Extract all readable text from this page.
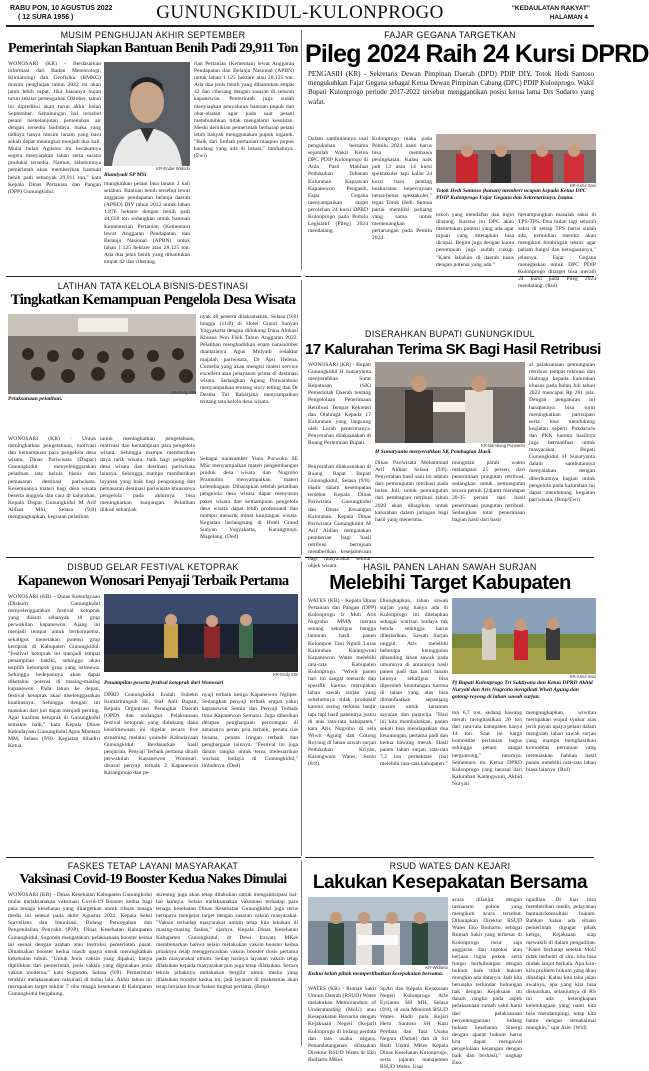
RABU PON, 10 AGUSTUS 2022
( 12 SURA 1956 )	GUNUNGKIDUL-KULONPROGO	"KEDAULATAN RAKYAT"
HALAMAN 4
MUSIM PENGHUJAN AKHIR SEPTEMBER
Pemerintah Siapkan Bantuan Benih Padi 29,911 Ton
WONOSARI (KR) - Berdasarkan informasi dari Badan Meteorologi, Klimatologi dan Geofisika (BMKG) musim penghujan tahun 2022 ini akan jatuh lebih cepat. Jika biasanya hujan turun sekitar pertengahan Oktober, tahun ini diprediksi akan turun akhir bulan September. Sehubungan hal tersebut petani berkelanjutan pemenuhan air dengan tersedia budidaya, maka yang tadinya hanya musim tanam yang baru sekali dapat meningkat menjadi dua kali. Mulai bulan Agustus ini kecakatnya segera menyiapkan lahan serta sarana produksi tersedia. Namun, sebelumnya pemerintah akan memberikan bantuan benih padi sebanyak 29,911 ton," kata Kepala Dinas Pertanian dan Pangan (DPP) Gunungkidul.
KR-Endar Widodo
Riamiyadi SP MSi
mungkinkan petani bisa tanam 2 kali setahun. Bantuan benih tersebut lewat anggaran pendapatan belanja daerah (APBD) DIY tahun 2022 untuk lahan 1.876 hektare dengan benih padi 44,650 ton sedangkan untuk bantuan Kementerian Pertanian (Kementan) lewat Anggaran Pendapatan dan Belanja Nasional (APBN) untuk lahan 1.125 hektare atau 28,125 ton. Ada dua jenis benih yang dibantukan empat 42 dan ciherang.
rian Pertanian (Kementan) lewat Anggaran Pendapatan dan Belanja Nasional (APBN) untuk lahan 1.125 hektare atau 28,125 ton. Ada dua jenis benih yang dibantukan empat 42 dan ciherang dengan sasaran di seluruh kapanewon. Pemerintah juga sudah menyiapkan penyaluran bantuan pupuk dan obat-obatan agar pada saat petani membutuhkan tidak mengalami kesulitan. Meski demikian pemerintah berharap petani lebih banyak menggunakan pupuk organik. "Baik dari limbah pertanian maupun pupuk kandang yang ada di lokasi," tambahnya. (Ewi)
FAJAR GEGANA TARGETKAN
Pileg 2024 Raih 24 Kursi DPRD
PENGASIH (KR) - Sekretaris Dewan Pimpinan Daerah (DPD) PDIP DIY, Totok Hedi Santoso mengukuhkan Fajar Gegana sebagai Ketua Dewan Pimpinan Cabang (DPC) PDIP Kulonprogo. Wakil Bupati Kulonprogo periode 2017-2022 tersebut menggantikan posisi ketua lama Drs Sudarto yang wafat.
Dalam sambutannya usai pengukuhan bersama sejumlah Wakil Ketua DPC PDIP Kulonprogo di Aula Pasti Manfaat Pedukuhan Tebanan Kalurahan Kaprawan Kapanewon Pengasih, Fajar Gegana menyampaikan target perolehan 24 kursi DPRD Kulonprogo pada Pemilu Legislatif (Pileg) 2024 mendatang.
Kulonprogo maka pada Pemilu 2024 nanti harus bisa membawa peningkatan. Kalau naik jadi 13 atau 14 kursi spektakuler tapi kalau 24 kursi baru penting keakuratan kepercayaan benar-benar spektakuler," tegas Totok Hedi. Semua partai memiliki peluang yang sama untuk memenangkan pertarungan pada Pemilu 2024.
KR-Asrul Sani
Totok Hedi Santoso (kanan) memberi ucapan kepada Ketua DPC PDIP Kulonprogo Fajar Gegana dan Sekretarisnya, Istana.
tokoh yang mendaftar dan ingin diusung. Karena itu DPC akan memetakan potensi yang ada agar tujuan yang ditetapkan bisa dicapai. Begitu juga dengan kuota perempuan juga sudah cukup. "Kami lakukan di daerah basis dengan potensi yang ada."
merampungkan masalah saksi di TPS-TPS. Dua bulan lagi seluruh saksi di setiap TPS harus sudah ada, kemudian mereka akan mengikuti bimbingan teknis agar paham fungsi dan ketugasannya," jelasnya. Fajar Gegana menegaskan untuk DPC PDIP Kulonprogo ditarget bisa meraih 24 kursi pada Pileg 2024 mendatang. (Rul)
LATIHAN TATA KELOLA BISNIS-DESTINASI
Tingkatkan Kemampuan Pengelola Desa Wisata
Pelaksanaan pelatihan.
KR-Dedy EW
WONOSARI (KR) - Untuk meningkatkan pengetahuan, motivasi dan kemampuan para pengelola desa wisata, Dinas Pariwisata (Dispar) Gunungkidul menyelenggarakan pelatihan tata kelola bisnis dan pemasaran destinasi pariwisata. Kesemuanya materi bagi desa wisata beserta anggota dan cara di kalurahan. Kepala Dispar Gunungkidul M Arif Aldian MSi, Selasa (9/8) mengungkapkan, kegiatan pelatihan
untuk meningkatkan pengetahuan, motivasi dan kemampuan para pengelola wisata. Sehingga mampu memberikan daya tarik wisata, baik bagi pengelola desa wisata dan destinasi pariwisata lainnya. Sehingga mampu memberikan layanan yang baik bagi pengunjung dan pemasaran destinasi pariwisata khususnya pengelola pada akhirnya bisa meningkatkan kunjungan. Pelatihan diikuti sebanyak
nyak 40 peserta dilaksanakan, Selasa (9/8) hingga (11/8) di Hotel Grand Sunyan Yogyakarta dengan didukung Dana Alokasi Khusus Non Fisik Tahun Anggaran 2022. Pelatihan menghadirkan enam narasumber diantaranya Agus Mulyadi redaktur majalah pariwisata, Dr Apu Helena, Cornelia yang akan mengisi materi service excellent atau pelayanan prima di destinasi wisata. Sedangkan Agung Purwandono menyampaikan tentang story telling dan Dr Destha Titi Raharjana menyampaikan tentang tata kelola desa wisata.
Sebagai narasumber Yuno Purwoko SE MSc menyampaikan materi pengembangan produk desa wisata dan Nugroho Pramudito menyampaikan materi kelembagaan. Diharapkan setelah pelatihan pengelola desa wisata dapat menyusun paket wisata dan kemampuan pengelola desa wisata dapat lebih profesional dan mampu menarik minat kunjungan wisata. Kegiatan berlangsung di Hotel Grand Sunyan Yogyakarta, Karangmojo, Magelang. (Ded)
DISERAHKAN BUPATI GUNUNGKIDUL
17 Kalurahan Terima SK Bagi Hasil Retribusi
WONOSARI (KR) - Bupati Gunungkidul H Sunaryanta menyerahkan Surat Keputusan (SK) Pemerintah Daerah tentang Pengelolaan Penerimaan Retribusi Tempat Rekreasi dan Olahraga Kepada 17 Kalurahan yang langsung oleh Lurah penerimanya. Penyerahan dilaksanakan di Ruang Pertemuan Bupati.
Penyerahan dilaksanakan di Ruang Rapat Bupati Gunungkidul, Selasa (9/8). Hadir dalam kesempatan tersebut Kepala Dinas Pariwisata Gunungkidul dan Dinas Keuangan Kalurahan. Kepala Dinas Pariwisata Gunungkidul M Arif Aldian mengatakan pemberian bagi hasil retribusi bertujuan memberikan kesejahteraan bagi masyarakat sekitar objek wisata.
KR-Bambang Purwanto
H Sunaryanta menyerahkan SK Pembagian Hasil.
Dinas Pariwisata Mohammad Arif Aldian Selasa (9/8). Penyerahan hasil sani ini adalah dari pemungutan retribusi pada bulan Juli, untuk pemungutan dari pembagian retribusi tahun 2020 akan dibagikan untuk kalurahan dalam jaringan bagi hasil yang menerima.
mungutan parah waktu melampaui 25 persen, dari penerimaan pungutan retribusi, sedangkan untuk pemungutan secara penuh (24jam) mendapat 20-35 persen dari hasil penerimaan pungutan retribusi. Sedangkan total penerimaan bagian hasil dari hasil
al pelaksanaan pemungutan retribusi tempat rekreasi dan olahraga kepada kalurahan khusus pada bulan Juli tahun 2022 mencapai Rp 261 juta. Dengan pengaturan ini harapannya bisa turut meningkatkan partisipasi serta bisa mendukung kegiatan seperti Pokdarwis dan PKK karena hasilnya juga bermanfaat untuk masyarakat. Bupati Gunungkidul H Sunaryanta dalam sambutannya menyatakan dengan diberikannya bagian untuk pengelola pada kalurahan ini dapat mendukung kegiatan pariwisata. (Bmp/Ewi)
DISBUD GELAR FESTIVAL KETOPRAK
Kapanewon Wonosari Penyaji Terbaik Pertama
WONOSARI (KR) - Dinas Kebudayaan (Disbud) Gunungkidul menyelenggarakan festival ketoprak yang diikuti sebanyak 18 grup perwakilan kapanewon. Ajang ini menjadi tempat untuk berkompetisi, sekaligus menetakan potensi grup ketoprak di Kabupaten Gunungkidul. "Festival ketoprak ini menjadi tempat penampilan hakiki, sehingga akan terpilih kelompok grup yang istimewa. Sehingga kedepannya akan dapat diketahui potensi di masing-masing kapanewon. Pada tahun ke depan, festival ketoprak akan diselenggarakan kualitasnya. Sehingga dengan ini masukan dari juri dapat menjadi penting. Agar kualitas ketoprak di Gunungkidul semakin baik," kata Kepala Dinas Kebudayaan Gunungkidul Agus Mantara MM, Selasa (9/8). Kegiatan dihadiri Ketua
KR-Dedy EW
Penampilan peserta festival ketoprak dari Wonosari
DPRD Gunungkidul Endah Subekti Kuntariningsih SE, Staf Ahli Bupati, Kepala Organisasi Perangkat Daerah (OPD) dan undangan. Pelaksanaan festival ketoprak yang didukung dana keistimewaan ini digelar secara live streaming melalui youtube Kabudayaan Gunungkidul. Berdasarkan hasil penjurian, Penyaji Terbaik pertama diraih perwakilan Kapanewon Wonosari, disusul penyaji terbaik 2 Kapanewon Karangmojo dan pe-
nyaji terbaik ketiga Kapanewon Ngliper. Sedangkan penyaji terbaik empat yakni kapanewon Semin dan Penyaji Terbaik lima Kapanewon Semanu. Juga diberikan delapan penghargaan perorangan di antaranya peran pria terbaik, penata rias busana, penata iringan terbaik dan penghargaan lainnya. "Festival ini juga dalam rangka untuk terus melestarikan warisan budaya di Gunungkidul," imbuhnya. (Ded)
HASIL PANEN LAHAN SAWAH SURJAN
Melebihi Target Kabupaten
WATES (KR) - Kepala Dinas Pertanian dan Pangan (DPP) Kulonprogo Ir Muh Aris Nugroho MMA merasa senang sekaligus bangga lantaran hasil panen Kelompok Tani Ngudi Luras Kalurahan Karangwuni Kapanewon Wates melebihi rata-rata Kabupaten Kulonprogo. "Wiwit panen hari ini sangat menarik dan spesifik karena merupakan lahan sawah surjan yang sebelumnya tidak produktif karena sering terkena banjir tapi tapi hasil panennya justru di atas rata-rata kabupaten," kata Aris Nugroho di sela Wiwit Agung dan Gotong Royong di lahan sawah surjan Pedukuhan Kriyan, Karangwuni Wates, Senin (8/8).
Diungkapkan, lahan sawah surjan yang hanya ada di Kulonprogo itu ditetapkan sebagai warisan budaya tak benda sehingga harus dilestarikan. Sawah Surjan unggul Aris melebihi beberapa keunggulan dibanding lahan sawah pada umumnya di antaranya hasil panen padi dan hasil tanam lainnya sekaligus bisa diperoleh keuntungan karena di lahan yang atas bisa dimanfaatkan sepanjang musim untuk tanaman sayuran dan palawija. "Hari ini kita membuktikan, panen sekali bisa mendapatkan dua keuntungan, pertama padi dan kedua bawang merah. Hasil panen lahan surjan rata-rata 7,2 ton perhektare (ha) melebihi rata-rata kabupaten."
KR-Asrul Sani
Pj Bupati Kulonprogo Tri Saktiyana dan Ketua DPRD Akhid Nuryati dan Aris Nugroho mengikuti Wiwit Agung dan gotong-royong di lahan sawah surjan.
ton 6,7 ton, sedang bawang merah menghasilkan 20 ton dari rata-rata kabupaten hanya 14 ton. Saat ini harga komoditas pertanian bagus sehingga petani sangat berguntung," tuturnya. Sementara itu Ketua DPRD Kulonprogo yang berasal dari Kalurahan Karangwuni, Akhid Nuryati
mengungkapkan, wiwitan merupakan wujud syukur atas jerih payah upaya petani dalam mengolah lahan sawah surjan yang mampu menghasilkan komoditas pertanian yang memuaskan bahkan hasil panen melebihi rata-rata lahan biasa lainnya. (Rul)
FASKES TETAP LAYANI MASYARAKAT
Vaksinasi Covid-19 Booster Kedua Nakes Dimulai
WONOSARI (KR) - Dinas Kesehatan Kabupaten Gunungkidul mulai melaksanakan vaksinasi Covid-19 Booster kedua bagi para tenaga kesehatan yang ditargetkan untuk ribuan tenaga medis ini selesai pada akhir Agustus 2022. Kepala Seksi Surveilans dan Imunisasi, Bidang Pencegahan dan Pengendalian Penyakit (P2P), Dinas Kesehatan Kabupaten Gunungkidul, Sugondo mengatakan, pelaksanaan booster kedua ini sesuai dengan arahan atau instruksi pemerintah pusat. Dinamakan booster kedua masih upaya untuk meningkatkan kekebalan tubuh. "Untuk Jenis vaksin yang dipakai, hanya dipilihkan dari pemerintah, jenis vaksin yang digunakan jenis vaksin moderna," kata Sugondo, Selasa (9/8). Pemerintah terakhir melaksanakan vaksinasi di bulan lalu. Akhir tahun ini merupakan target sekitar 7 ribu tenaga kesehatan di Kabupaten Gunungkidul bergabung.
skrening juga akan tetap dilakukan untuk mengantisipasi hal-hal lainnya. Selain melaksanakan vaksinasi terhadap para tenaga kesehatan Dinas Kesehatan Gunungkidul juga terus berupaya mengejar target dengan sasaran vaksin masyarakat. "Vaksin terhadap masyarakat umum tetap kita lakukan di masing-masing faskes," ujarnya. Kepala Dinas Kesehatan Kabupaten Gunungkidul, dr Dewi Irawaty MKes membenarkan bahwa selain melakukan vaksin booster kedua pihaknya tetap menggencarkan vaksin booster dosis pertama pada masyarakat umum. Setiap harinya layanan vaksin tetap dilakukan kepada masyarakat pun juga tetap dilakukan. Secara teknis pihaknya melakukan bergilir untuk media yang dilakukan booster kedua ini, jadi layanan di puskesmas akan tetap berjalan lewat faskes tingkat pertama. (Bmp)
RSUD WATES DAN KEJARI
Lakukan Kesepakatan Bersama
KR-Widiarto
Kedua belah pihak memperlihatkan kesepakatan bersama.
WATES (KR) - Rumah Sakit Umum Daerah (RSUD) Wates melakukan Memorandum of Understanding (MoU) atau Kesepakatan Bersama dengan Kejaksaan Negeri (Kejari) Kulonprogo di bidang perdata dan tata usaha negara. Penandatanganan dilakukan Direktur RSUD Wates dr Eko Budiarto MKes
SpAn dan Kepala Kejaksaan Negeri Kulonprogo Arie Eyrianto SH MH, Selasa (9/8), di aula Menoreh RSUD Wates. Hadir pula Kejari Heru Santoso SH Kasi Perdata dan Tata Usaha Negara (Datun) dan dr Sri Budi Utami MKes Kepala Dinas Kesehatan Kulonprogo, serta jajaran manajemen RSUD Wates. Usai
acara dilanjut dengan menanam pohon yang mengikuti acara tersebut. Diharapkan Direktur RSUD Wates Eko Budiarto, sebagai Rumah Sakit yang terbesar di Kulonprogo turut saja anggaran dan tupoksi atau kerjaan tugas pokok serta fungsi berhubungan dengan hukum baik tidak hukum mungkin ada datanya. Jadi kita berusaha terhindar hubungan hak dengan Kejaksaan ini dalam rangka pada aspek pelaksanaan rumah sakit kami dari pelaksanaan penyelenggaraan bidang hukum kesehatan. Sinergi dengan aparat hukum harus kita dapat mengawal pengelolaan keuangan dengan baik dan berhasil," ungkap Eko.
ngadilan. Di luar bisa memberikan medis, pelayanan bantuan/konsultasi hukum. Bahkan kalau ada situasi pemerintah digugat pihak ketiga, Kejaksaan siap mewakili di dalam pengadilan. "Kami berharap setelah MoU tidak berhenti di sini, kita bisa tindak lanjut berkala. Apa kira-kira problem hukum yang akan dihadapi. Kalau kita tahu jalan awalnya, apa yang kita bisa diskusikan, selanjutnya di RS ini ada kelengkapan kelembagaan yang nanti kita bisa mendampingi, tetap kita bantu dengan semaksimal mungkin," ujar Arie. (Wid)
